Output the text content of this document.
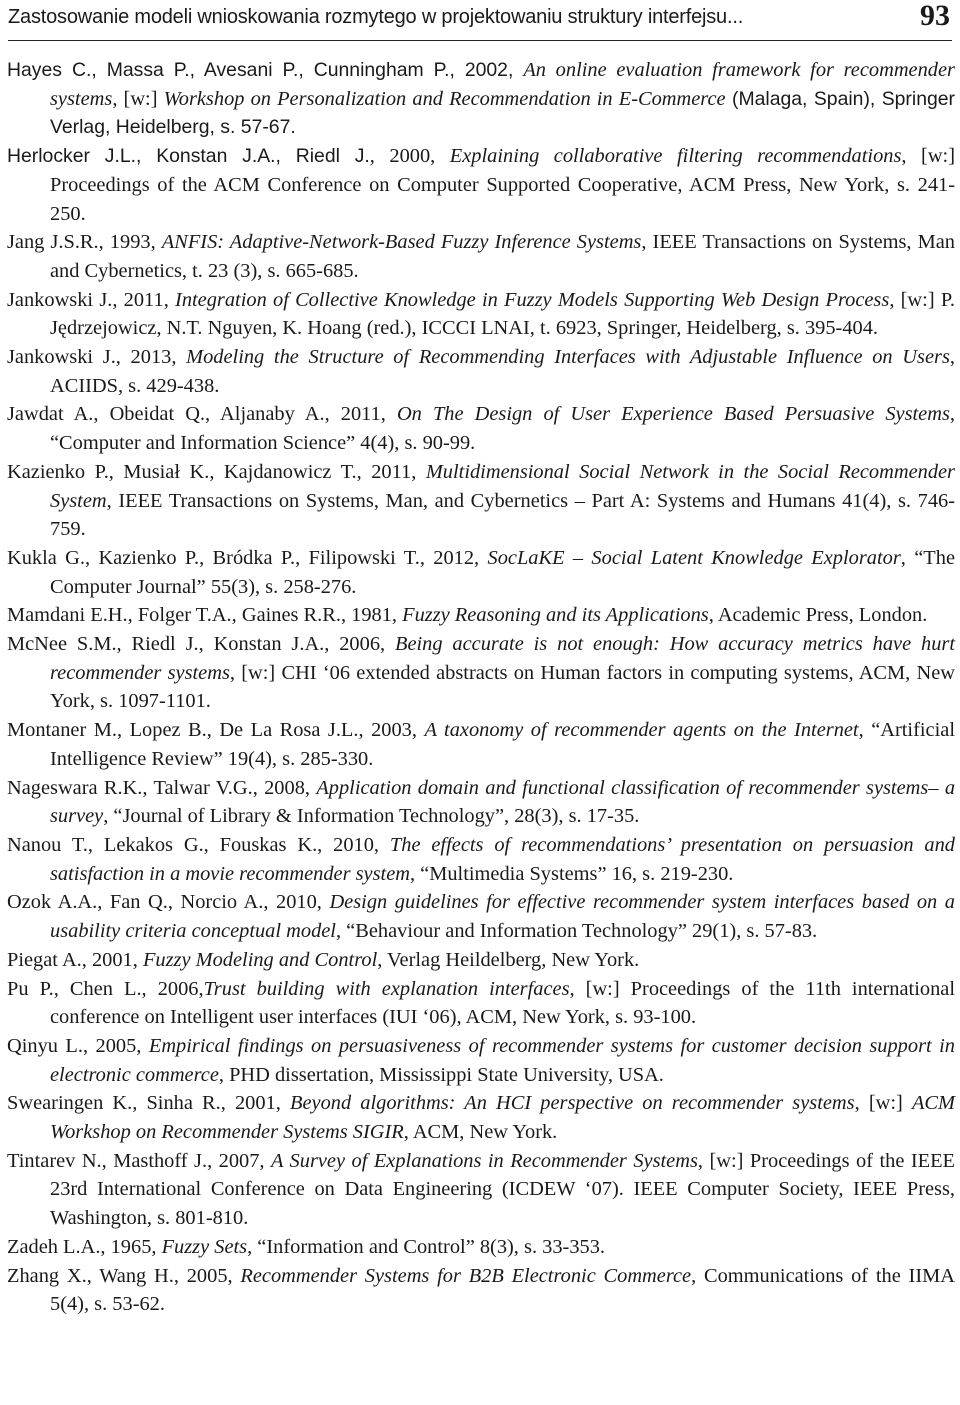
Zastosowanie modeli wnioskowania rozmytego w projektowaniu struktury interfejsu...	93

Hayes C., Massa P., Avesani P., Cunningham P., 2002, An online evaluation framework for recommender systems, [w:] Workshop on Personalization and Recommendation in E-Commerce (Malaga, Spain), Springer Verlag, Heidelberg, s. 57-67.

Herlocker J.L., Konstan J.A., Riedl J., 2000, Explaining collaborative filtering recommendations, [w:] Proceedings of the ACM Conference on Computer Supported Cooperative, ACM Press, New York, s. 241-250.

Jang J.S.R., 1993, ANFIS: Adaptive-Network-Based Fuzzy Inference Systems, IEEE Transactions on Systems, Man and Cybernetics, t. 23 (3), s. 665-685.

Jankowski J., 2011, Integration of Collective Knowledge in Fuzzy Models Supporting Web Design Process, [w:] P. Jędrzejowicz, N.T. Nguyen, K. Hoang (red.), ICCCI LNAI, t. 6923, Springer, Heidelberg, s. 395-404.

Jankowski J., 2013, Modeling the Structure of Recommending Interfaces with Adjustable Influence on Users, ACIIDS, s. 429-438.

Jawdat A., Obeidat Q., Aljanaby A., 2011, On The Design of User Experience Based Persuasive Systems, “Computer and Information Science” 4(4), s. 90-99.

Kazienko P., Musiał K., Kajdanowicz T., 2011, Multidimensional Social Network in the Social Recommender System, IEEE Transactions on Systems, Man, and Cybernetics – Part A: Systems and Humans 41(4), s. 746-759.

Kukla G., Kazienko P., Bródka P., Filipowski T., 2012, SocLaKE – Social Latent Knowledge Explorator, “The Computer Journal” 55(3), s. 258-276.

Mamdani E.H., Folger T.A., Gaines R.R., 1981, Fuzzy Reasoning and its Applications, Academic Press, London.

McNee S.M., Riedl J., Konstan J.A., 2006, Being accurate is not enough: How accuracy metrics have hurt recommender systems, [w:] CHI ‘06 extended abstracts on Human factors in computing systems, ACM, New York, s. 1097-1101.

Montaner M., Lopez B., De La Rosa J.L., 2003, A taxonomy of recommender agents on the Internet, “Artificial Intelligence Review” 19(4), s. 285-330.

Nageswara R.K., Talwar V.G., 2008, Application domain and functional classification of recommender systems– a survey, “Journal of Library & Information Technology”, 28(3), s. 17-35.

Nanou T., Lekakos G., Fouskas K., 2010, The effects of recommendations’ presentation on persuasion and satisfaction in a movie recommender system, “Multimedia Systems” 16, s. 219-230.

Ozok A.A., Fan Q., Norcio A., 2010, Design guidelines for effective recommender system interfaces based on a usability criteria conceptual model, “Behaviour and Information Technology” 29(1), s. 57-83.

Piegat A., 2001, Fuzzy Modeling and Control, Verlag Heildelberg, New York.

Pu P., Chen L., 2006,Trust building with explanation interfaces, [w:] Proceedings of the 11th international conference on Intelligent user interfaces (IUI ‘06), ACM, New York, s. 93-100.

Qinyu L., 2005, Empirical findings on persuasiveness of recommender systems for customer decision support in electronic commerce, PHD dissertation, Mississippi State University, USA.

Swearingen K., Sinha R., 2001, Beyond algorithms: An HCI perspective on recommender systems, [w:] ACM Workshop on Recommender Systems SIGIR, ACM, New York.

Tintarev N., Masthoff J., 2007, A Survey of Explanations in Recommender Systems, [w:] Proceedings of the IEEE 23rd International Conference on Data Engineering (ICDEW ‘07). IEEE Computer Society, IEEE Press, Washington, s. 801-810.

Zadeh L.A., 1965, Fuzzy Sets, “Information and Control” 8(3), s. 33-353.

Zhang X., Wang H., 2005, Recommender Systems for B2B Electronic Commerce, Communications of the IIMA 5(4), s. 53-62.
